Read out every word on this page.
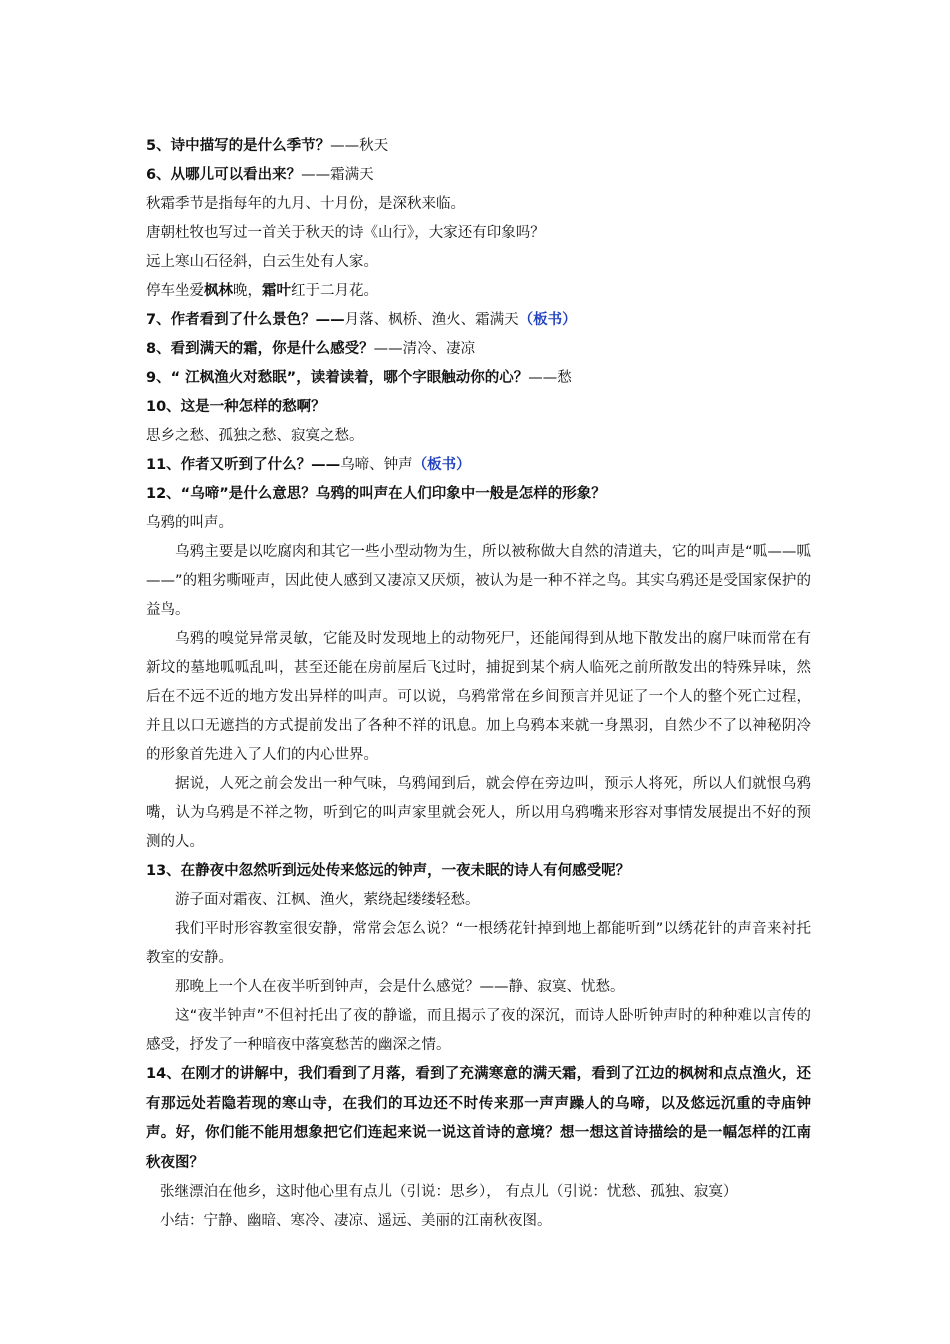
5、诗中描写的是什么季节？——秋天
6、从哪儿可以看出来？——霜满天
秋霜季节是指每年的九月、十月份，是深秋来临。
唐朝杜牧也写过一首关于秋天的诗《山行》，大家还有印象吗？
远上寒山石径斜，白云生处有人家。
停车坐爱枫林晚，霜叶红于二月花。
7、作者看到了什么景色？——月落、枫桥、渔火、霜满天（板书）
8、看到满天的霜，你是什么感受？——清冷、凄凉
9、“ 江枫渔火对愁眠”，读着读着，哪个字眼触动你的心？——愁
10、这是一种怎样的愁啊？
思乡之愁、孤独之愁、寂寞之愁。
11、作者又听到了什么？——乌啼、钟声（板书）
12、“乌啼”是什么意思？乌鸦的叫声在人们印象中一般是怎样的形象？
乌鸦的叫声。
乌鸦主要是以吃腐肉和其它一些小型动物为生，所以被称做大自然的清道夫，它的叫声是“呱——呱——”的粗劣嘶哑声，因此使人感到又凄凉又厌烦，被认为是一种不祥之鸟。其实乌鸦还是受国家保护的益鸟。
乌鸦的嗅觉异常灵敏，它能及时发现地上的动物死尸，还能闻得到从地下散发出的腐尸味而常在有新坟的墓地呱呱乱叫，甚至还能在房前屋后飞过时，捕捉到某个病人临死之前所散发出的特殊异味，然后在不远不近的地方发出异样的叫声。可以说，乌鸦常常在乡间预言并见证了一个人的整个死亡过程，并且以口无遮挡的方式提前发出了各种不祥的讯息。加上乌鸦本来就一身黑羽，自然少不了以神秘阴冷的形象首先进入了人们的内心世界。
据说，人死之前会发出一种气味，乌鸦闻到后，就会停在旁边叫，预示人将死，所以人们就恨乌鸦嘴，认为乌鸦是不祥之物，听到它的叫声家里就会死人，所以用乌鸦嘴来形容对事情发展提出不好的预测的人。
13、在静夜中忽然听到远处传来悠远的钟声，一夜未眠的诗人有何感受呢？
游子面对霜夜、江枫、渔火，萦绕起缕缕轻愁。
我们平时形容教室很安静，常常会怎么说？“一根绣花针掉到地上都能听到”以绣花针的声音来衬托教室的安静。
那晚上一个人在夜半听到钟声，会是什么感觉？——静、寂寞、忧愁。
这“夜半钟声”不但衬托出了夜的静谧，而且揭示了夜的深沉，而诗人卧听钟声时的种种难以言传的感受，抒发了一种暗夜中落寞愁苦的幽深之情。
14、在刚才的讲解中，我们看到了月落，看到了充满寒意的满天霜，看到了江边的枫树和点点渔火，还有那远处若隐若现的寒山寺，在我们的耳边还不时传来那一声声躁人的乌啼，以及悠远沉重的寺庙钟声。好，你们能不能用想象把它们连起来说一说这首诗的意境？想一想这首诗描绘的是一幅怎样的江南秋夜图？
张继漂泊在他乡，这时他心里有点儿（引说：思乡）， 有点儿（引说：忧愁、孤独、寂寞）
小结：宁静、幽暗、寒冷、凄凉、遥远、美丽的江南秋夜图。
